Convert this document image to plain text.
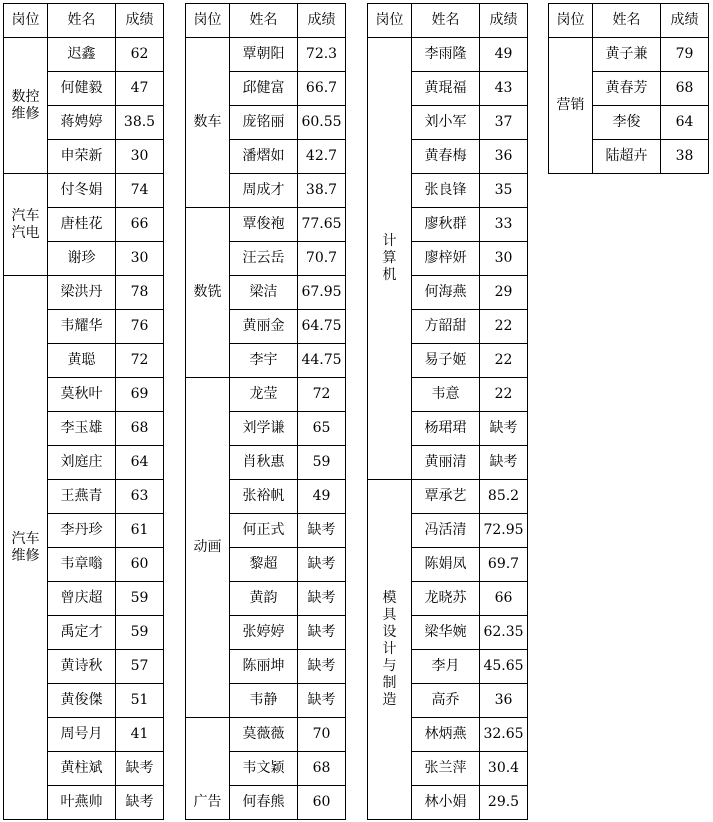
岗位	姓名	成绩
数控维修	迟鑫	62
	何健毅	47
	蒋娉婷	38.5
	申荣新	30
汽车汽电	付冬娟	74
	唐桂花	66
	谢珍	30
汽车维修	梁洪丹	78
	韦耀华	76
	黄聪	72
	莫秋叶	69
	李玉雄	68
	刘庭庄	64
	王燕青	63
	李丹珍	61
	韦章嗡	60
	曾庆超	59
	禹定才	59
	黄诗秋	57
	黄俊傑	51
	周号月	41
	黄柱斌	缺考
	叶燕帅	缺考
岗位	姓名	成绩
数车	覃朝阳	72.3
	邱健富	66.7
	庞铭丽	60.55
	潘熠如	42.7
	周成才	38.7
数铣	覃俊袍	77.65
	汪云岳	70.7
	梁洁	67.95
	黄丽金	64.75
	李宇	44.75
动画	龙莹	72
	刘学谦	65
	肖秋惠	59
	张裕帆	49
	何正式	缺考
	黎超	缺考
	黄韵	缺考
	张婷婷	缺考
	陈丽坤	缺考
	韦静	缺考
广告	莫薇薇	70
	韦文颖	68
	何春熊	60
岗位	姓名	成绩
计算机	李雨隆	49
	黄琨福	43
	刘小军	37
	黄春梅	36
	张良锋	35
	廖秋群	33
	廖梓妍	30
	何海燕	29
	方韶甜	22
	易子姬	22
	韦意	22
	杨珺珺	缺考
	黄丽清	缺考
模具设计与制造	覃承艺	85.2
	冯活清	72.95
	陈娟凤	69.7
	龙晓苏	66
	梁华婉	62.35
	李月	45.65
	高乔	36
	林炳燕	32.65
	张兰萍	30.4
	林小娟	29.5
岗位	姓名	成绩
营销	黄子兼	79
	黄春芳	68
	李俊	64
	陆超卉	38
